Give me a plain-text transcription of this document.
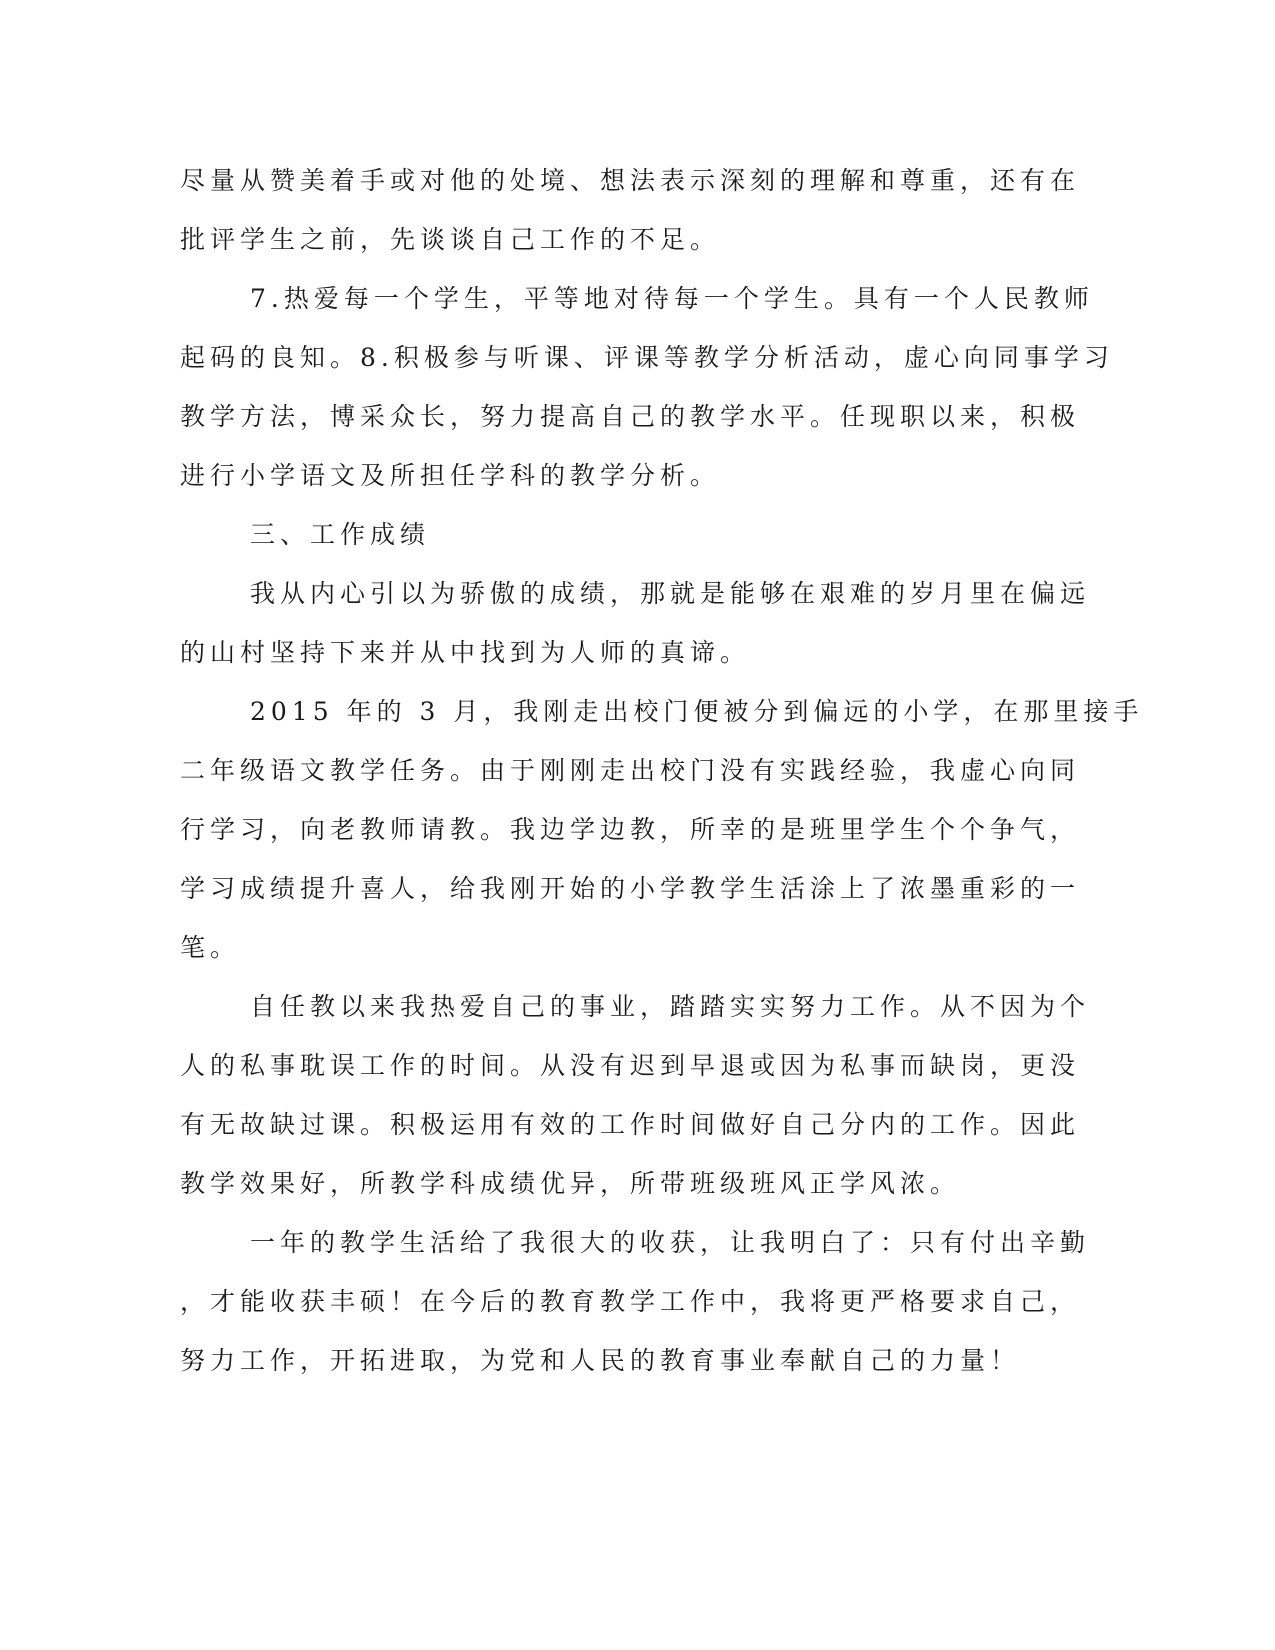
尽量从赞美着手或对他的处境、想法表示深刻的理解和尊重，还有在
批评学生之前，先谈谈自己工作的不足。
7.热爱每一个学生，平等地对待每一个学生。具有一个人民教师
起码的良知。8.积极参与听课、评课等教学分析活动，虚心向同事学习
教学方法，博采众长，努力提高自己的教学水平。任现职以来，积极
进行小学语文及所担任学科的教学分析。
三、工作成绩
我从内心引以为骄傲的成绩，那就是能够在艰难的岁月里在偏远
的山村坚持下来并从中找到为人师的真谛。
2015 年的 3 月，我刚走出校门便被分到偏远的小学，在那里接手
二年级语文教学任务。由于刚刚走出校门没有实践经验，我虚心向同
行学习，向老教师请教。我边学边教，所幸的是班里学生个个争气，
学习成绩提升喜人，给我刚开始的小学教学生活涂上了浓墨重彩的一
笔。
自任教以来我热爱自己的事业，踏踏实实努力工作。从不因为个
人的私事耽误工作的时间。从没有迟到早退或因为私事而缺岗，更没
有无故缺过课。积极运用有效的工作时间做好自己分内的工作。因此
教学效果好，所教学科成绩优异，所带班级班风正学风浓。
一年的教学生活给了我很大的收获，让我明白了：只有付出辛勤
，才能收获丰硕！在今后的教育教学工作中，我将更严格要求自己，
努力工作，开拓进取，为党和人民的教育事业奉献自己的力量！
